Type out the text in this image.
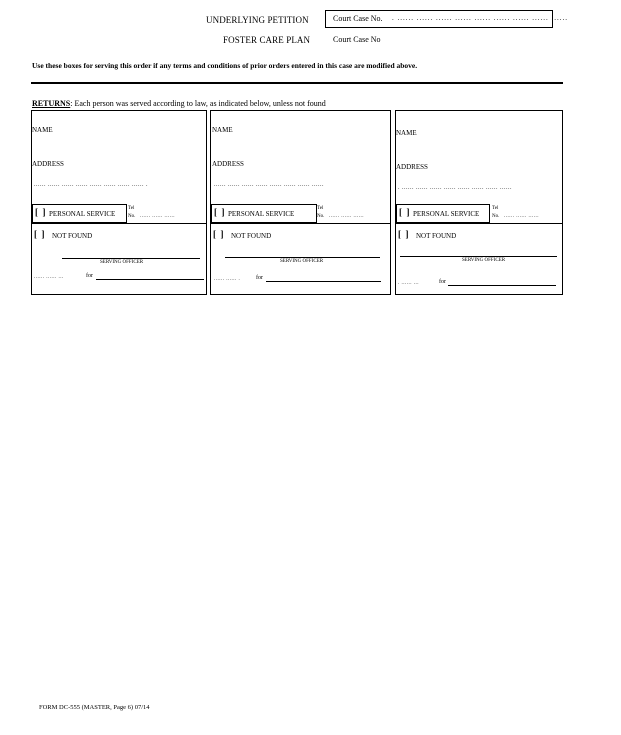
UNDERLYING PETITION	Court Case No. . ...... ...... ...... ...... ...... ...... ...... ...... ......
FOSTER CARE PLAN	Court Case No
Use these boxes for serving this order if any terms and conditions of prior orders entered in this case are modified above.
RETURNS: Each person was served according to law, as indicated below, unless not found
NAME
ADDRESS
...... ...... ...... ...... ...... ...... ...... ...... .
[  ] PERSONAL SERVICE
Tel
No. ...... ...... ......
[  ] NOT FOUND
SERVING OFFICER
...... ...... ...	for
NAME
ADDRESS
...... ...... ...... ...... ...... ...... ...... ......
[  ] PERSONAL SERVICE
Tel
No. ...... ...... ......
[  ] NOT FOUND
SERVING OFFICER
...... ...... .	for
NAME
ADDRESS
. ...... ...... ...... ...... ...... ...... ...... ......
[  ] PERSONAL SERVICE
Tel
No. ...... ...... ......
[  ] NOT FOUND
SERVING OFFICER
. ...... ...	for
FORM DC-555 (MASTER, Page 6) 07/14
